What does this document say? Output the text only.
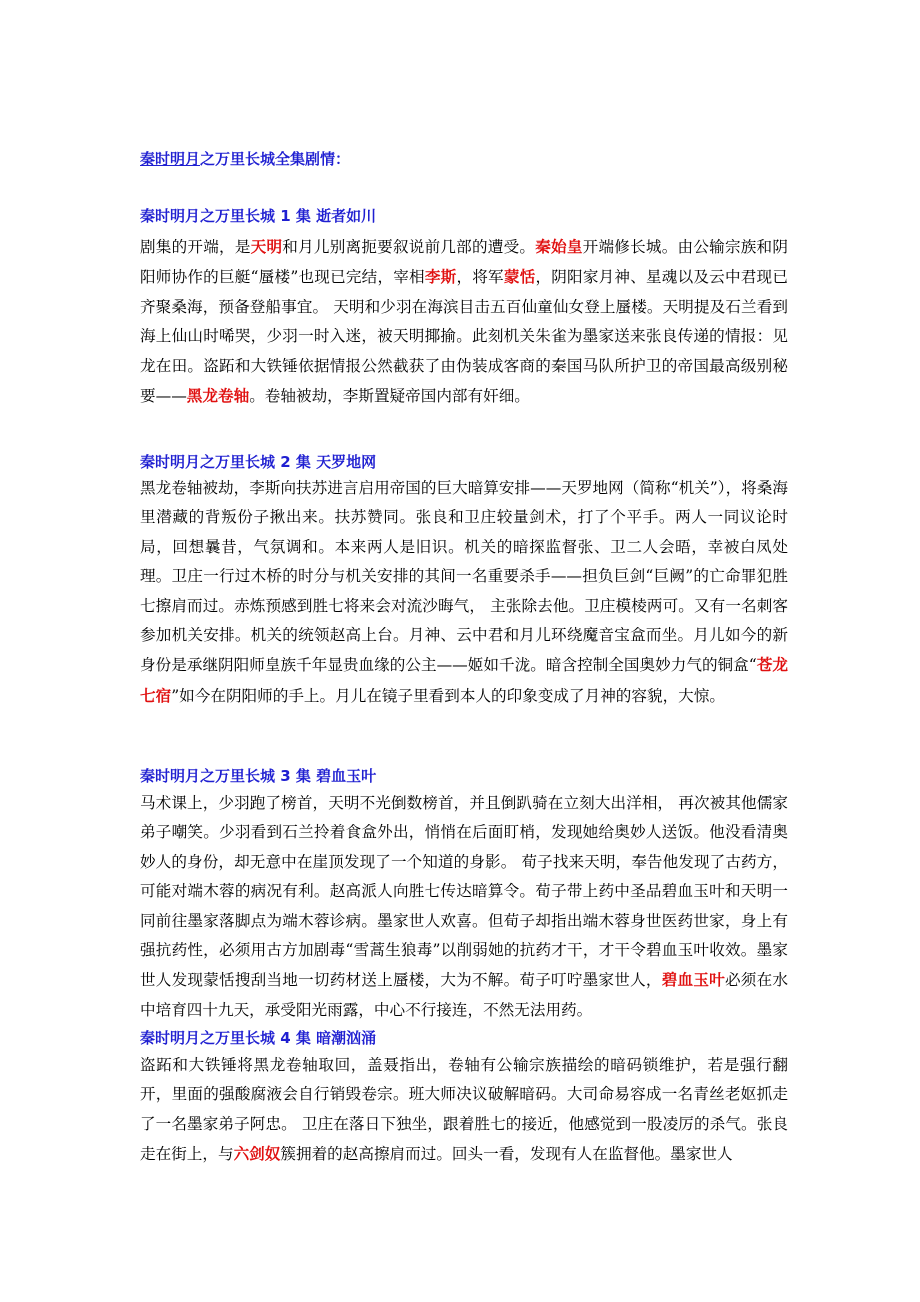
秦时明月之万里长城全集剧情：
秦时明月之万里长城 1 集 逝者如川
剧集的开端，是天明和月儿别离扼要叙说前几部的遭受。秦始皇开端修长城。由公输宗族和阴阳师协作的巨艇“蜃楼”也现已完结，宰相李斯，将军蒙恬，阴阳家月神、星魂以及云中君现已齐聚桑海，预备登船事宜。 天明和少羽在海滨目击五百仙童仙女登上蜃楼。天明提及石兰看到海上仙山时唏哭，少羽一时入迷，被天明揶揄。此刻机关朱雀为墨家送来张良传递的情报：见龙在田。盗跖和大铁锤依据情报公然截获了由伪装成客商的秦国马队所护卫的帝国最高级别秘要——黑龙卷轴。卷轴被劫，李斯置疑帝国内部有奸细。
秦时明月之万里长城 2 集 天罗地网
黑龙卷轴被劫，李斯向扶苏进言启用帝国的巨大暗算安排——天罗地网（简称“机关”），将桑海里潜藏的背叛份子揪出来。扶苏赞同。张良和卫庄较量剑术，打了个平手。两人一同议论时局，回想曩昔，气氛调和。本来两人是旧识。机关的暗探监督张、卫二人会晤，幸被白凤处理。卫庄一行过木桥的时分与机关安排的其间一名重要杀手——担负巨剑“巨阙”的亡命罪犯胜七擦肩而过。赤炼预感到胜七将来会对流沙晦气， 主张除去他。卫庄模棱两可。又有一名刺客参加机关安排。机关的统领赵高上台。月神、云中君和月儿环绕魔音宝盒而坐。月儿如今的新身份是承继阴阳师皇族千年显贵血缘的公主——姬如千泷。暗含控制全国奥妙力气的铜盒“苍龙七宿”如今在阴阳师的手上。月儿在镜子里看到本人的印象变成了月神的容貌，大惊。
秦时明月之万里长城 3 集 碧血玉叶
马术课上，少羽跑了榜首，天明不光倒数榜首，并且倒趴骑在立刻大出洋相， 再次被其他儒家弟子嘲笑。少羽看到石兰拎着食盒外出，悄悄在后面盯梢，发现她给奥妙人送饭。他没看清奥妙人的身份，却无意中在崖顶发现了一个知道的身影。 荀子找来天明，奉告他发现了古药方，可能对端木蓉的病况有利。赵高派人向胜七传达暗算令。荀子带上药中圣品碧血玉叶和天明一同前往墨家落脚点为端木蓉诊病。墨家世人欢喜。但荀子却指出端木蓉身世医药世家，身上有强抗药性，必须用古方加剧毒“雪蒿生狼毒”以削弱她的抗药才干，才干令碧血玉叶收效。墨家世人发现蒙恬搜刮当地一切药材送上蜃楼，大为不解。荀子叮咛墨家世人，碧血玉叶必须在水中培育四十九天，承受阳光雨露，中心不行接连，不然无法用药。
秦时明月之万里长城 4 集 暗潮汹涌
盗跖和大铁锤将黑龙卷轴取回，盖聂指出，卷轴有公输宗族描绘的暗码锁维护，若是强行翻开，里面的强酸腐液会自行销毁卷宗。班大师决议破解暗码。大司命易容成一名青丝老妪抓走了一名墨家弟子阿忠。 卫庄在落日下独坐，跟着胜七的接近，他感觉到一股凌厉的杀气。张良走在街上，与六剑奴簇拥着的赵高擦肩而过。回头一看，发现有人在监督他。墨家世人
